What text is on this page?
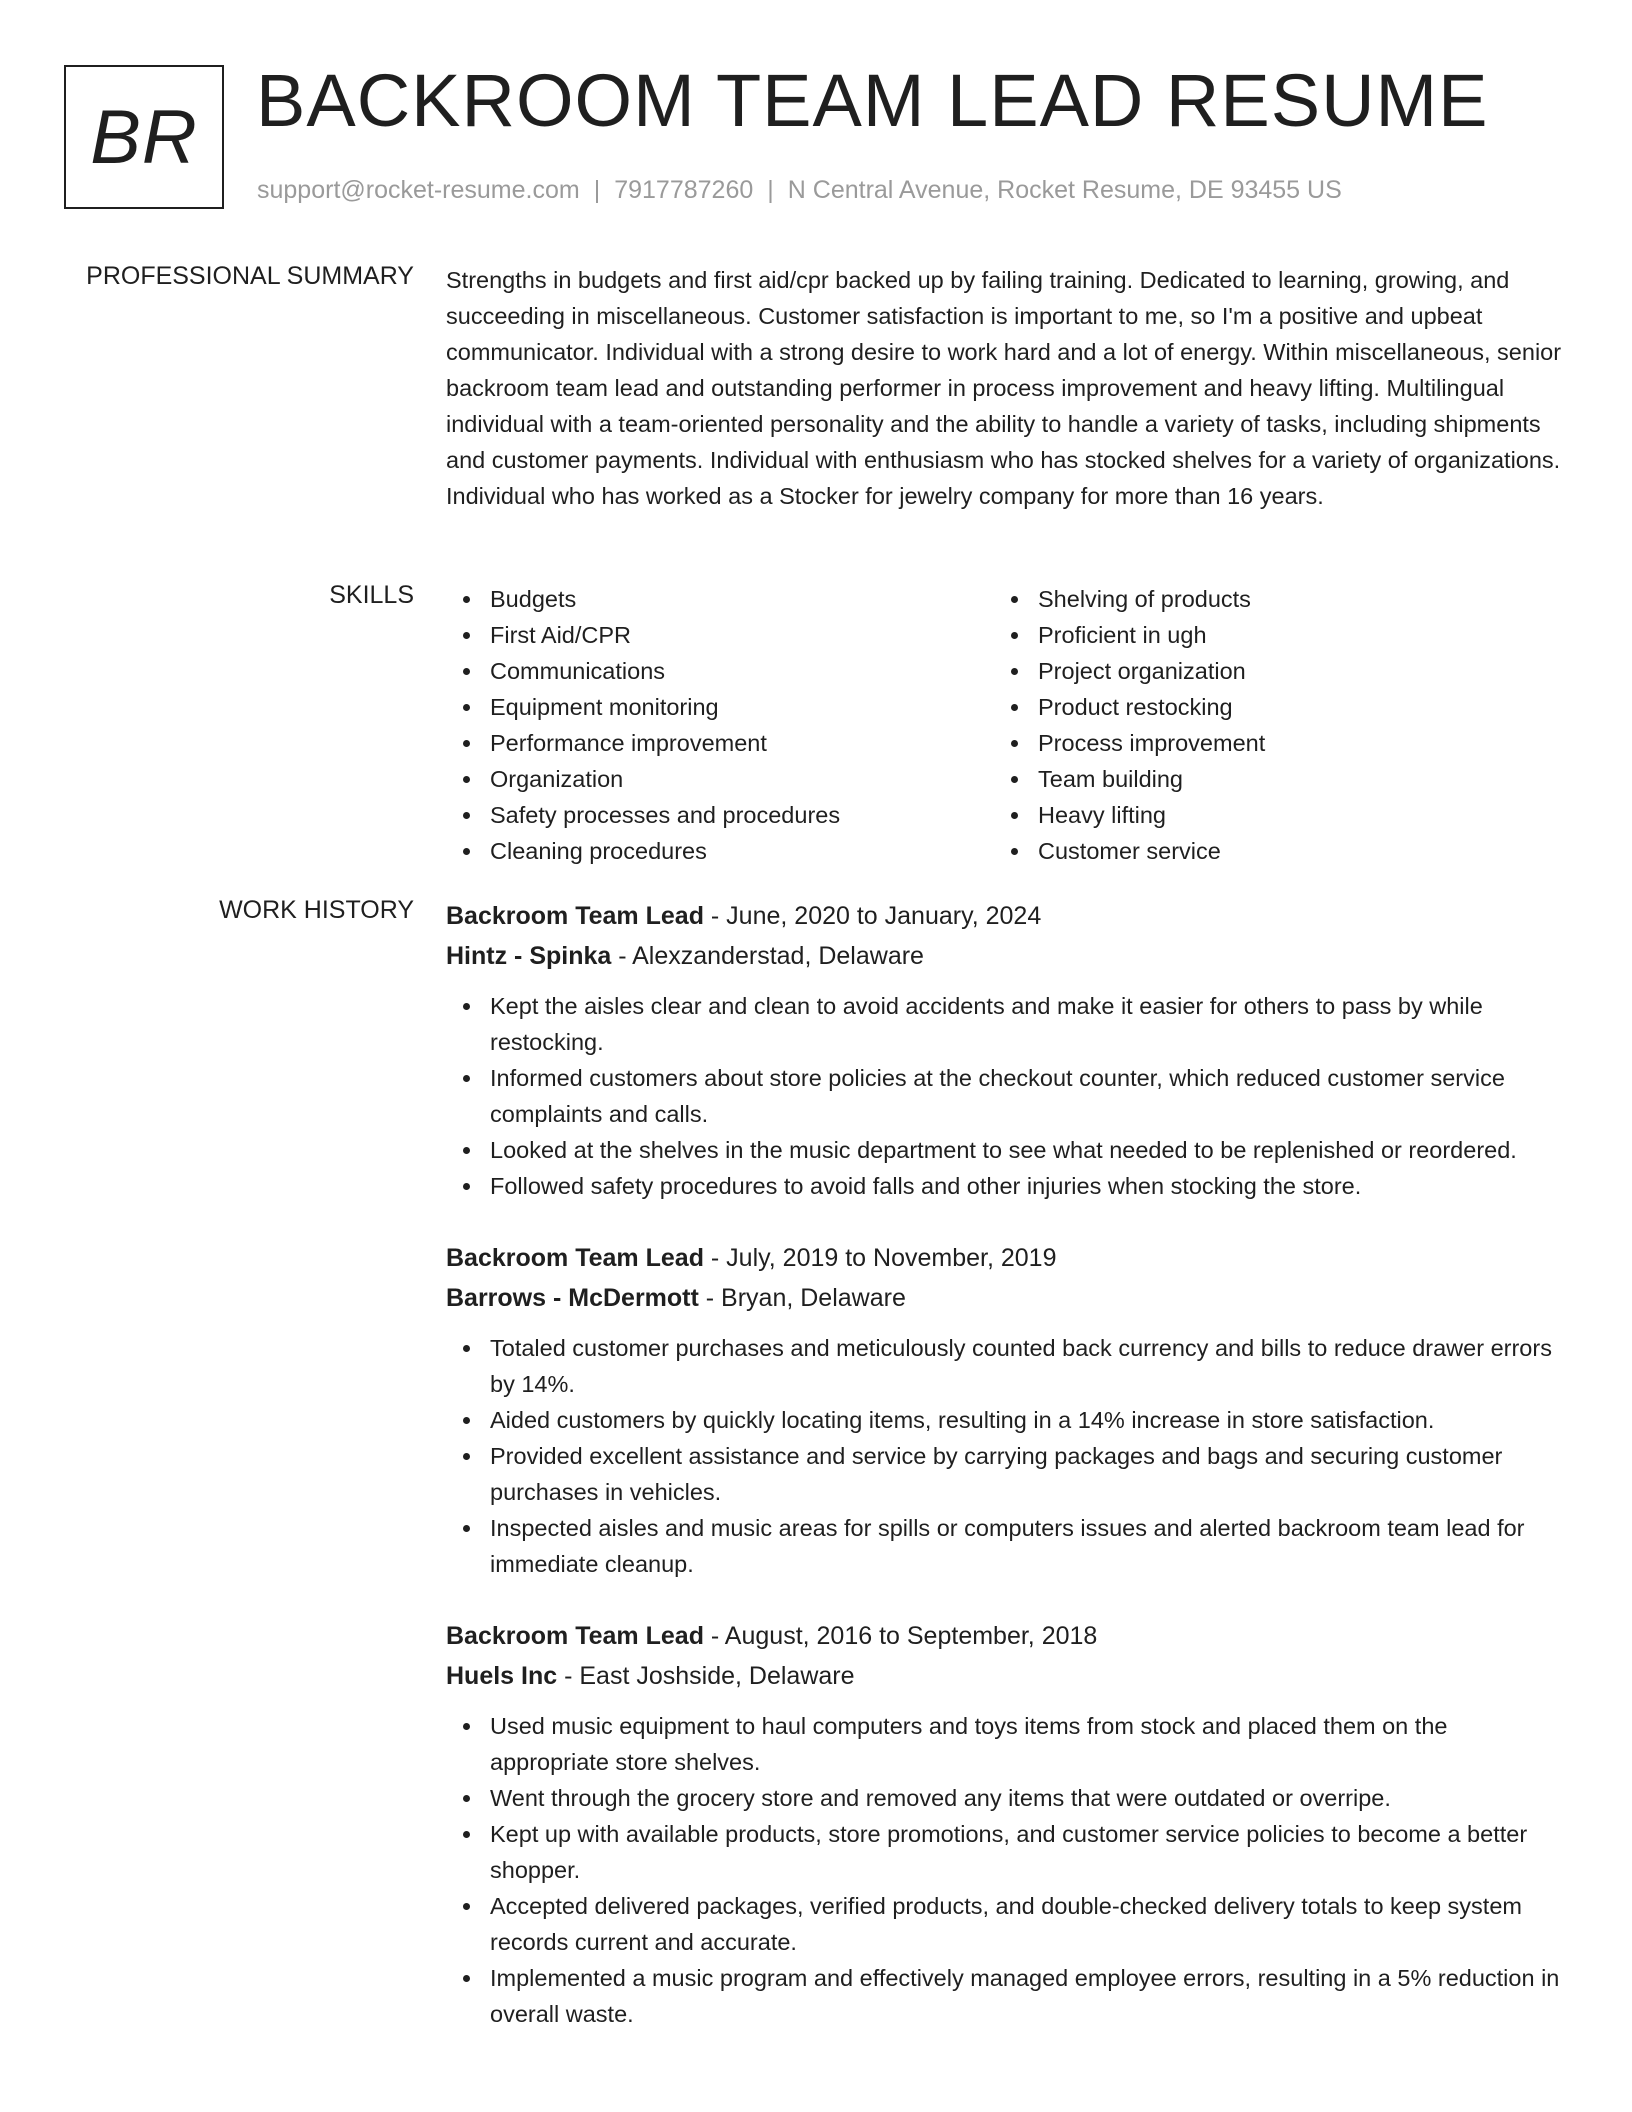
BR BACKROOM TEAM LEAD RESUME
support@rocket-resume.com | 7917787260 | N Central Avenue, Rocket Resume, DE 93455 US
PROFESSIONAL SUMMARY Strengths in budgets and first aid/cpr backed up by failing training. Dedicated to learning, growing, and succeeding in miscellaneous. Customer satisfaction is important to me, so I'm a positive and upbeat communicator. Individual with a strong desire to work hard and a lot of energy. Within miscellaneous, senior backroom team lead and outstanding performer in process improvement and heavy lifting. Multilingual individual with a team-oriented personality and the ability to handle a variety of tasks, including shipments and customer payments. Individual with enthusiasm who has stocked shelves for a variety of organizations. Individual who has worked as a Stocker for jewelry company for more than 16 years.

SKILLS	Budgets
First Aid/CPR
Communications
Equipment monitoring
Performance improvement
Organization
Safety processes and procedures
Cleaning procedures
Shelving of products
Proficient in ugh
Project organization
Product restocking
Process improvement
Team building
Heavy lifting
Customer service
WORK HISTORY Backroom Team Lead - June, 2020 to January, 2024
Hintz - Spinka - Alexzanderstad, Delaware
Kept the aisles clear and clean to avoid accidents and make it easier for others to pass by while restocking.
Informed customers about store policies at the checkout counter, which reduced customer service complaints and calls.
Looked at the shelves in the music department to see what needed to be replenished or reordered.
Followed safety procedures to avoid falls and other injuries when stocking the store.
Backroom Team Lead - July, 2019 to November, 2019
Barrows - McDermott - Bryan, Delaware
Totaled customer purchases and meticulously counted back currency and bills to reduce drawer errors by 14%.
Aided customers by quickly locating items, resulting in a 14% increase in store satisfaction.
Provided excellent assistance and service by carrying packages and bags and securing customer purchases in vehicles.
Inspected aisles and music areas for spills or computers issues and alerted backroom team lead for immediate cleanup.
Backroom Team Lead - August, 2016 to September, 2018
Huels Inc - East Joshside, Delaware
Used music equipment to haul computers and toys items from stock and placed them on the appropriate store shelves.
Went through the grocery store and removed any items that were outdated or overripe.
Kept up with available products, store promotions, and customer service policies to become a better shopper.
Accepted delivered packages, verified products, and double-checked delivery totals to keep system records current and accurate.
Implemented a music program and effectively managed employee errors, resulting in a 5% reduction in overall waste.
